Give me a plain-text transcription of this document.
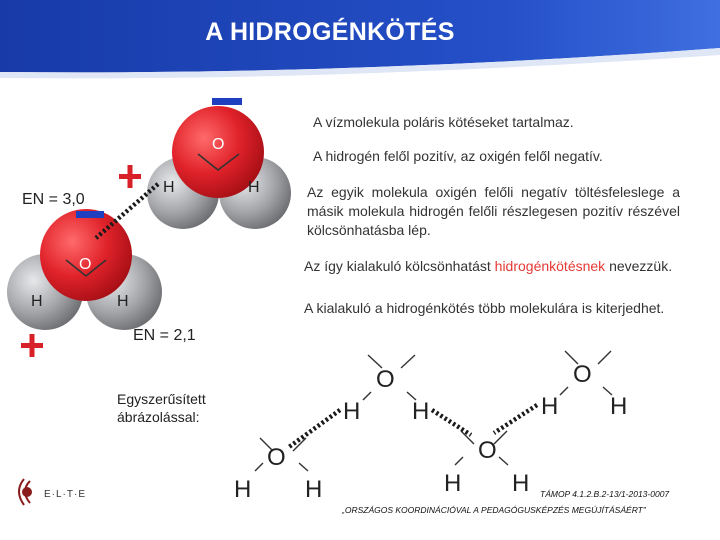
A HIDROGÉNKÖTÉS
A vízmolekula poláris kötéseket tartalmaz.
A hidrogén felől pozitív, az oxigén felől negatív.
Az egyik molekula oxigén felőli negatív töltésfeleslege a másik molekula hidrogén felőli részlegesen pozitív részével kölcsönhatásba lép.
Az így kialakuló kölcsönhatást hidrogénkötésnek nevezzük.
A kialakuló a hidrogénkötés több molekulára is kiterjedhet.
EN = 3,0
EN = 2,1
Egyszerűsített ábrázolással:
O
H	H
O
H	H
O
H H
O
H H
O
H H
O
H H
E·L·T·E	TÁMOP 4.1.2.B.2-13/1-2013-0007
„ORSZÁGOS KOORDINÁCIÓVAL A PEDAGÓGUSKÉPZÉS MEGÚJÍTÁSÁÉRT”
